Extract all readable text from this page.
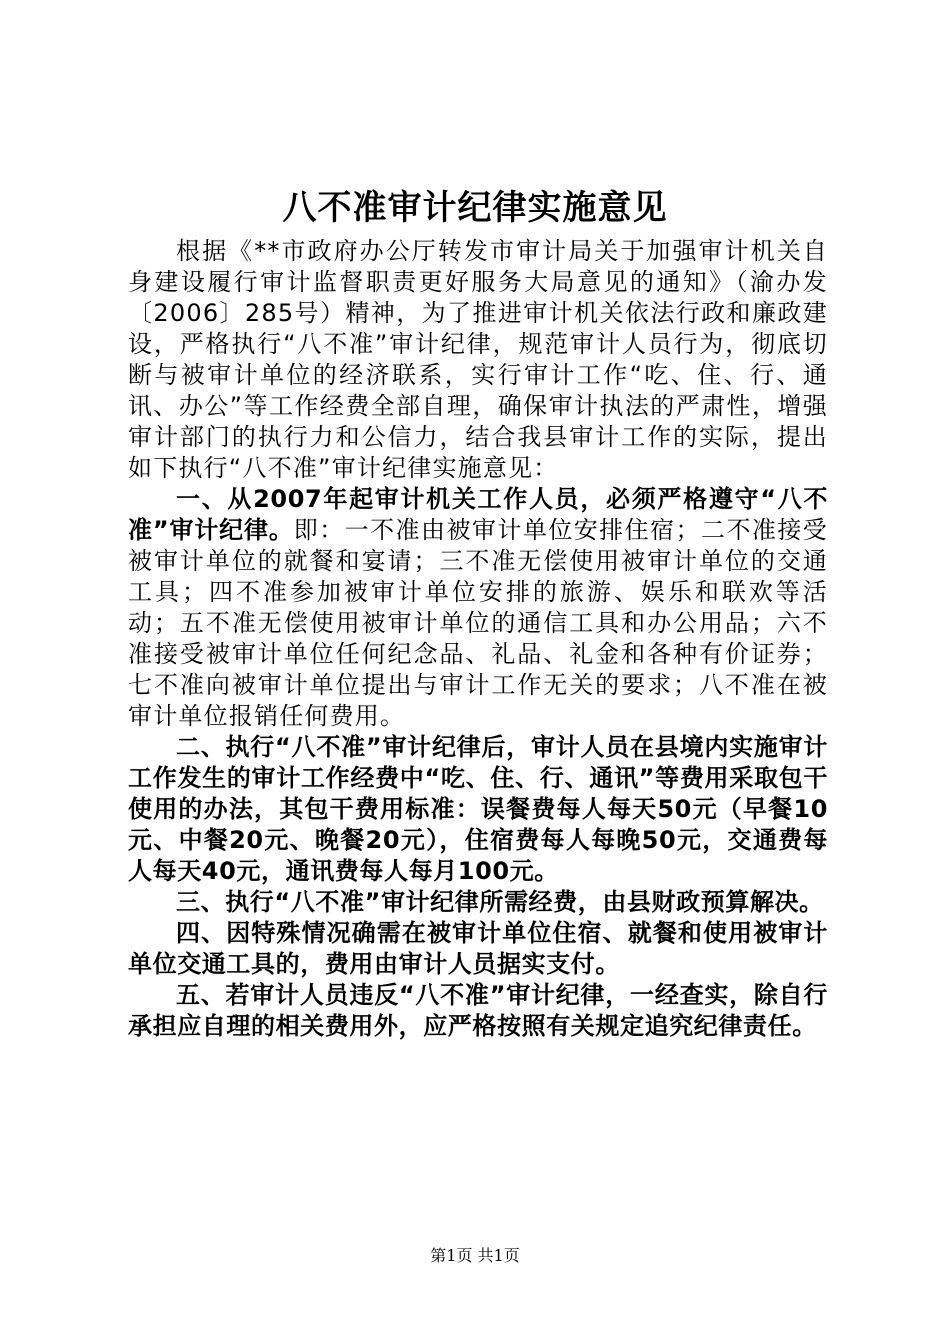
八不准审计纪律实施意见

根据《**市政府办公厅转发市审计局关于加强审计机关自身建设履行审计监督职责更好服务大局意见的通知》（渝办发〔2006〕285号）精神，为了推进审计机关依法行政和廉政建设，严格执行“八不准”审计纪律，规范审计人员行为，彻底切断与被审计单位的经济联系，实行审计工作“吃、住、行、通讯、办公”等工作经费全部自理，确保审计执法的严肃性，增强审计部门的执行力和公信力，结合我县审计工作的实际，提出如下执行“八不准”审计纪律实施意见：

一、从2007年起审计机关工作人员，必须严格遵守“八不准”审计纪律。即：一不准由被审计单位安排住宿；二不准接受被审计单位的就餐和宴请；三不准无偿使用被审计单位的交通工具；四不准参加被审计单位安排的旅游、娱乐和联欢等活动；五不准无偿使用被审计单位的通信工具和办公用品；六不准接受被审计单位任何纪念品、礼品、礼金和各种有价证券；七不准向被审计单位提出与审计工作无关的要求；八不准在被审计单位报销任何费用。

二、执行“八不准”审计纪律后，审计人员在县境内实施审计工作发生的审计工作经费中“吃、住、行、通讯”等费用采取包干使用的办法，其包干费用标准：误餐费每人每天50元（早餐10元、中餐20元、晚餐20元），住宿费每人每晚50元，交通费每人每天40元，通讯费每人每月100元。

三、执行“八不准”审计纪律所需经费，由县财政预算解决。

四、因特殊情况确需在被审计单位住宿、就餐和使用被审计单位交通工具的，费用由审计人员据实支付。

五、若审计人员违反“八不准”审计纪律，一经查实，除自行承担应自理的相关费用外，应严格按照有关规定追究纪律责任。

第1页 共1页
